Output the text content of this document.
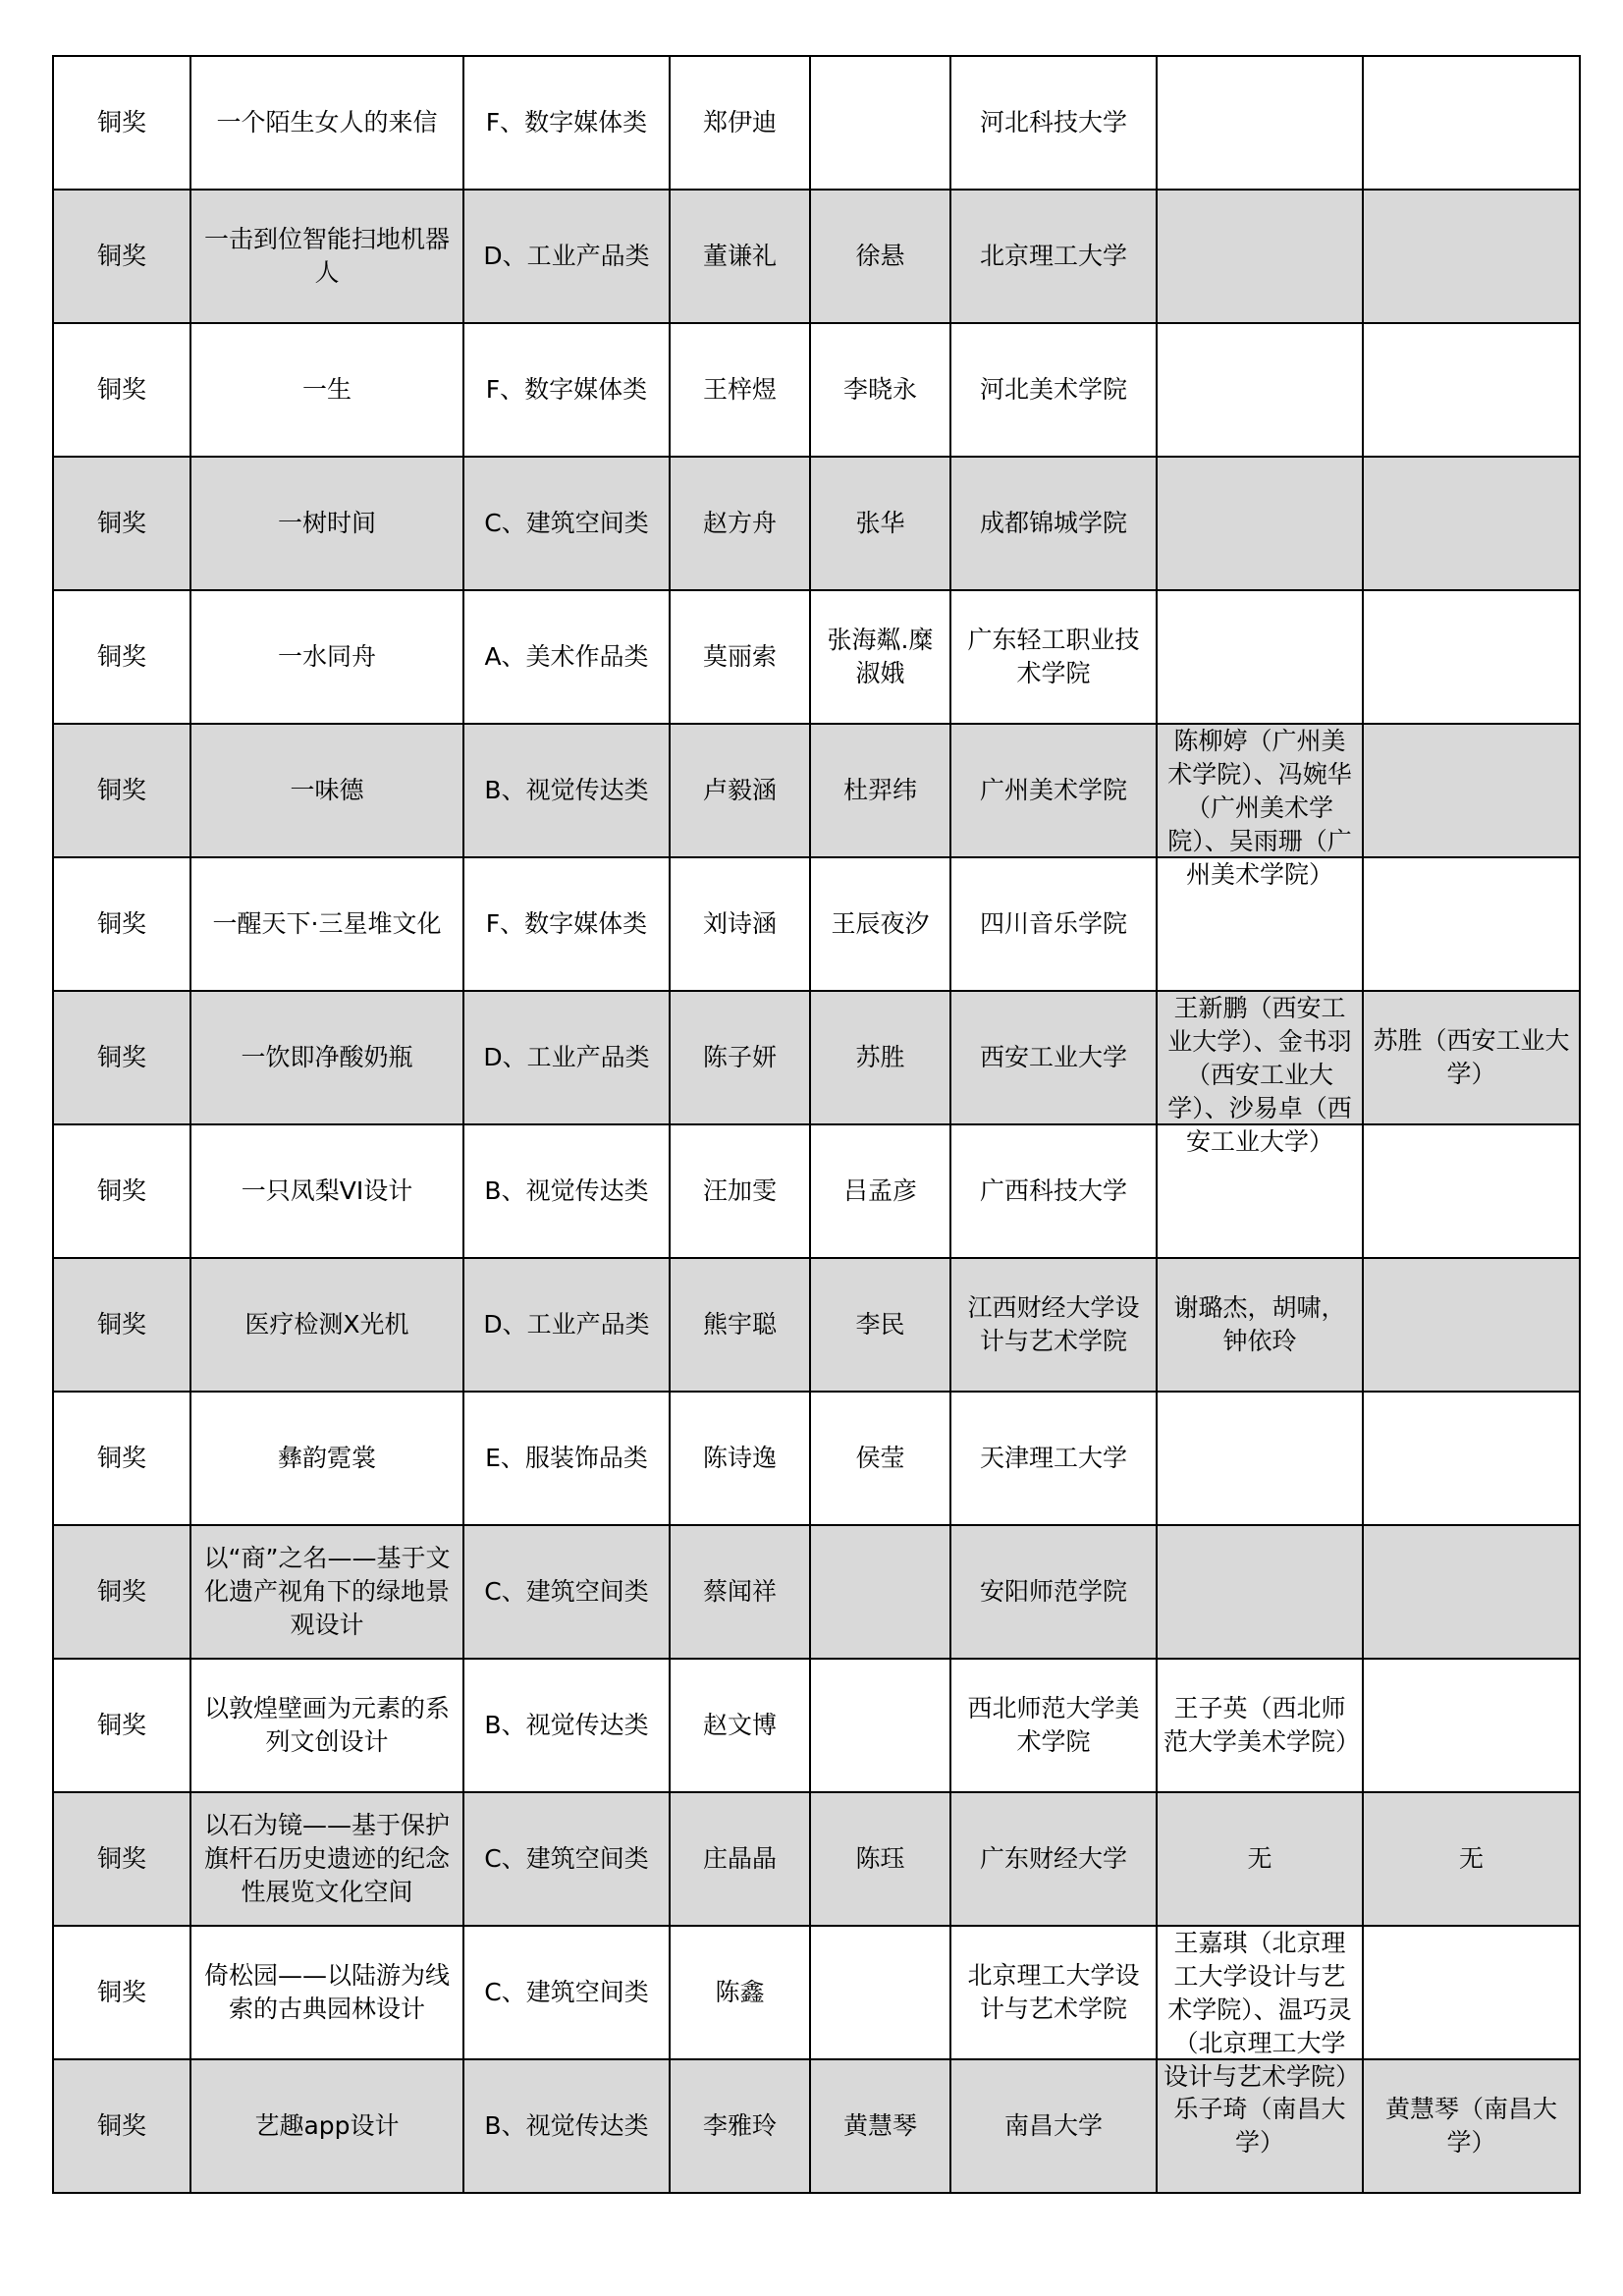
铜奖	一个陌生女人的来信	F、数字媒体类	郑伊迪		河北科技大学		

铜奖	一击到位智能扫地机器人	D、工业产品类	董谦礼	徐悬	北京理工大学		

铜奖	一生	F、数字媒体类	王梓煜	李晓永	河北美术学院		

铜奖	一树时间	C、建筑空间类	赵方舟	张华	成都锦城学院		

铜奖	一水同舟	A、美术作品类	莫丽索	张海粼.糜淑娥	广东轻工职业技术学院		

铜奖	一味德	B、视觉传达类	卢毅涵	杜羿纬	广州美术学院	陈柳婷（广州美术学院）、冯婉华（广州美术学院）、吴雨珊（广州美术学院）	

铜奖	一醒天下·三星堆文化	F、数字媒体类	刘诗涵	王辰夜汐	四川音乐学院		

铜奖	一饮即净酸奶瓶	D、工业产品类	陈子妍	苏胜	西安工业大学	王新鹏（西安工业大学）、金书羽（西安工业大学）、沙易卓（西安工业大学）	苏胜（西安工业大学）

铜奖	一只凤梨VI设计	B、视觉传达类	汪加雯	吕孟彦	广西科技大学		

铜奖	医疗检测X光机	D、工业产品类	熊宇聪	李民	江西财经大学设计与艺术学院	谢璐杰，胡啸，钟依玲	

铜奖	彝韵霓裳	E、服装饰品类	陈诗逸	侯莹	天津理工大学		

铜奖	以“商”之名——基于文化遗产视角下的绿地景观设计	C、建筑空间类	蔡闻祥		安阳师范学院		

铜奖	以敦煌壁画为元素的系列文创设计	B、视觉传达类	赵文博		西北师范大学美术学院	王子英（西北师范大学美术学院）	

铜奖	以石为镜——基于保护旗杆石历史遗迹的纪念性展览文化空间	C、建筑空间类	庄晶晶	陈珏	广东财经大学	无	无

铜奖	倚松园——以陆游为线索的古典园林设计	C、建筑空间类	陈鑫		北京理工大学设计与艺术学院	王嘉琪（北京理工大学设计与艺术学院）、温巧灵（北京理工大学设计与艺术学院）	

铜奖	艺趣app设计	B、视觉传达类	李雅玲	黄慧琴	南昌大学	乐子琦（南昌大学）	黄慧琴（南昌大学）
